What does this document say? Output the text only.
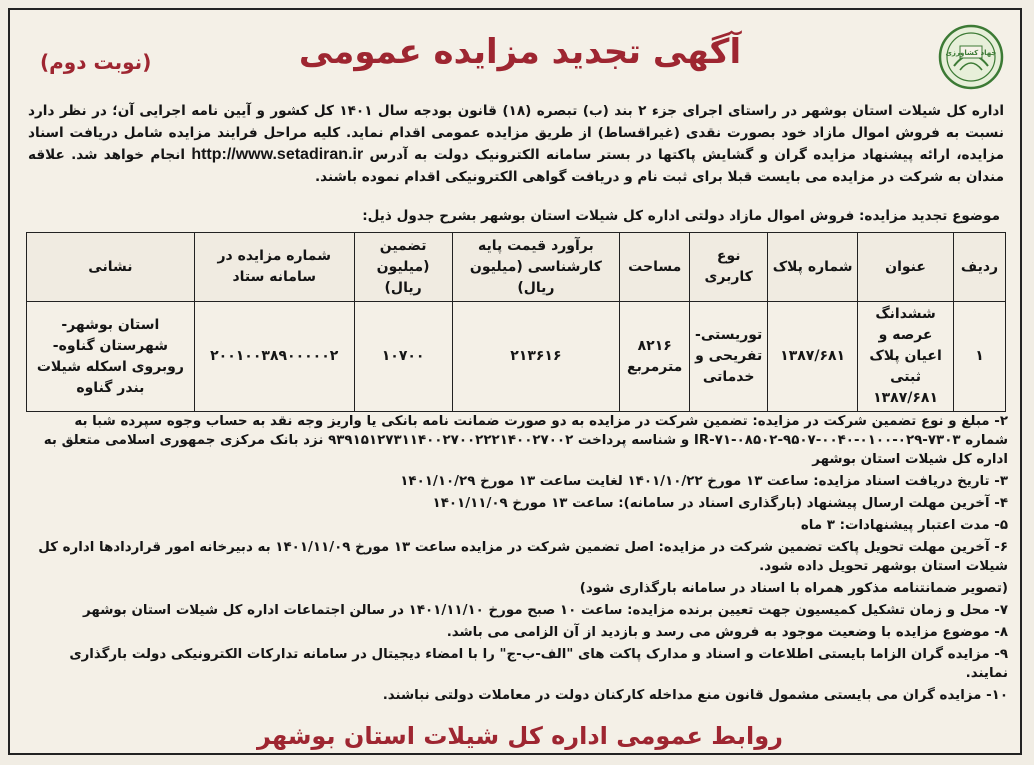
جهاد کشاورزی
آگهی تجدید مزایده عمومی
(نوبت دوم)
اداره کل شیلات استان بوشهر در راستای اجرای جزء ۲ بند (ب) تبصره (۱۸) قانون بودجه سال ۱۴۰۱ کل کشور و آیین نامه اجرایی آن؛ در نظر دارد نسبت به فروش اموال مازاد خود بصورت نقدی (غیراقساط) از طریق مزایده عمومی اقدام نماید. کلیه مراحل فرایند مزایده شامل دریافت اسناد مزایده، ارائه پیشنهاد مزایده گران و گشایش پاکتها در بستر سامانه الکترونیک دولت به آدرس http://www.setadiran.ir انجام خواهد شد. علاقه مندان به شرکت در مزایده می بایست قبلا برای ثبت نام و دریافت گواهی الکترونیکی اقدام نموده باشند.
موضوع تجدید مزایده: فروش اموال مازاد دولتی اداره کل شیلات استان بوشهر بشرح جدول ذیل:
ردیف	عنوان	شماره پلاک	نوع کاربری	مساحت	برآورد قیمت پایه کارشناسی (میلیون ریال)	تضمین (میلیون ریال)	شماره مزایده در سامانه ستاد	نشانی
۱	ششدانگ عرصه و اعیان پلاک ثبتی ۱۳۸۷/۶۸۱	۱۳۸۷/۶۸۱	توریستی- تفریحی و خدماتی	۸۲۱۶ مترمربع	۲۱۳۶۱۶	۱۰۷۰۰	۲۰۰۱۰۰۳۸۹۰۰۰۰۰۲	استان بوشهر- شهرستان گناوه- روبروی اسکله شیلات بندر گناوه
۲- مبلغ و نوع تضمین شرکت در مزایده: تضمین شرکت در مزایده به دو صورت ضمانت نامه بانکی یا واریز وجه نقد به حساب وجوه سپرده شبا به شماره IR-۷۱-۰۸۵۰۲-۹۵۰۷-۰۰۴۰-۰۱۰۰-۰۲۹-۷۳۰۳ و شناسه پرداخت ۹۳۹۱۵۱۲۷۳۱۱۴۰۰۲۷۰۰۲۲۲۱۴۰۰۲۷۰۰۲ نزد بانک مرکزی جمهوری اسلامی متعلق به اداره کل شیلات استان بوشهر
۳- تاریخ دریافت اسناد مزایده: ساعت ۱۳ مورخ ۱۴۰۱/۱۰/۲۲ لغایت ساعت ۱۳ مورخ ۱۴۰۱/۱۰/۲۹
۴- آخرین مهلت ارسال پیشنهاد (بارگذاری اسناد در سامانه): ساعت ۱۳ مورخ ۱۴۰۱/۱۱/۰۹
۵- مدت اعتبار پیشنهادات: ۳ ماه
۶- آخرین مهلت تحویل پاکت تضمین شرکت در مزایده: اصل تضمین شرکت در مزایده ساعت ۱۳ مورخ ۱۴۰۱/۱۱/۰۹ به دبیرخانه امور قراردادها اداره کل شیلات استان بوشهر تحویل داده شود.
(تصویر ضمانتنامه مذکور همراه با اسناد در سامانه بارگذاری شود)
۷- محل و زمان تشکیل کمیسیون جهت تعیین برنده مزایده: ساعت ۱۰ صبح مورخ ۱۴۰۱/۱۱/۱۰ در سالن اجتماعات اداره کل شیلات استان بوشهر
۸- موضوع مزایده با وضعیت موجود به فروش می رسد و بازدید از آن الزامی می باشد.
۹- مزایده گران الزاما بایستی اطلاعات و اسناد و مدارک پاکت های "الف-ب-ج" را با امضاء دیجیتال در سامانه تدارکات الکترونیکی دولت بارگذاری نمایند.
۱۰- مزایده گران می بایستی مشمول قانون منع مداخله کارکنان دولت در معاملات دولتی نباشند.
روابط عمومی اداره کل شیلات استان بوشهر
